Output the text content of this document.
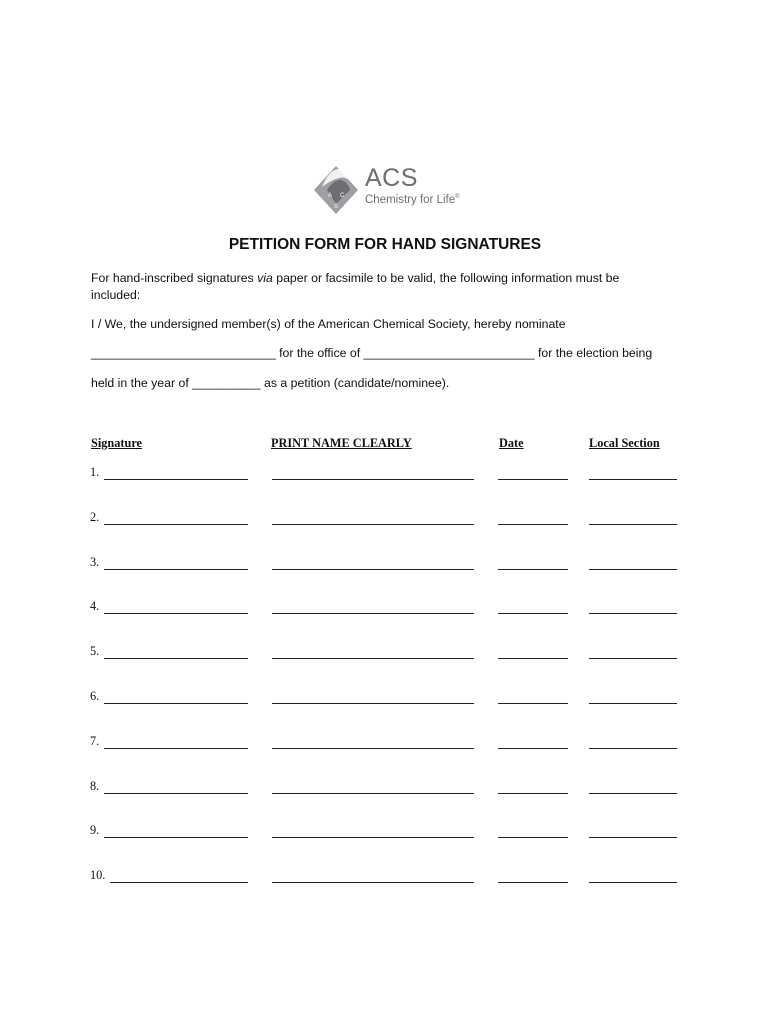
A C
S
ACS
Chemistry for Life®
PETITION FORM FOR HAND SIGNATURES

For hand-inscribed signatures via paper or facsimile to be valid, the following information must be
included:

I / We, the undersigned member(s) of the American Chemical Society, hereby nominate

___________________________ for the office of _________________________ for the election being

held in the year of __________ as a petition (candidate/nominee).

Signature	PRINT NAME CLEARLY	Date	Local Section
1.
2.
3.
4.
5.
6.
7.
8.
9.
10.
